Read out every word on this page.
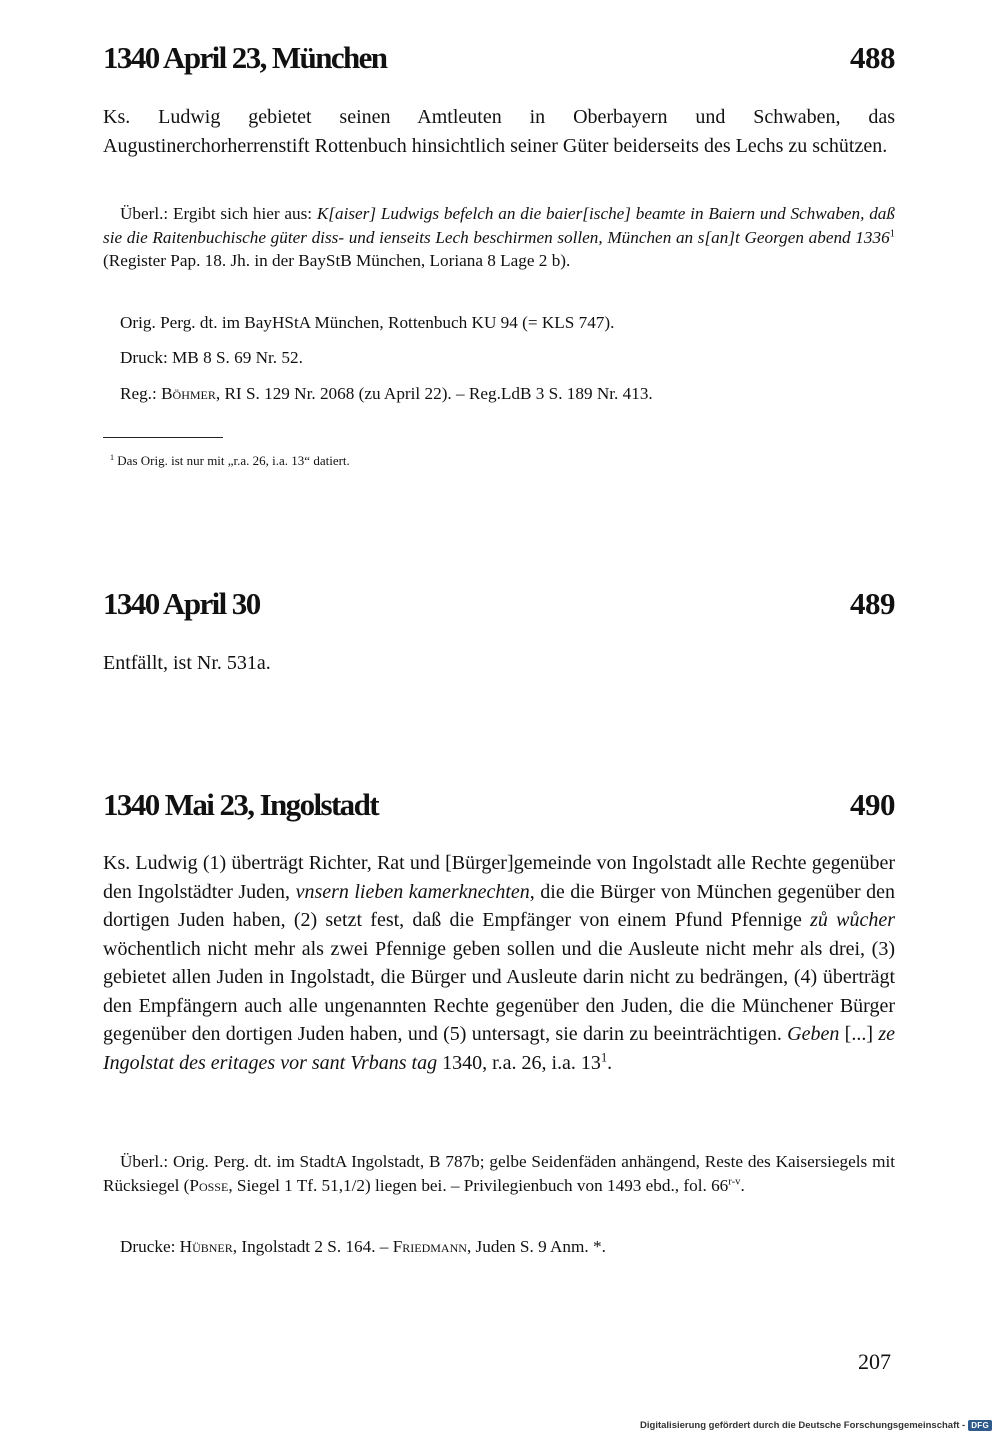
1340 April 23, München	488

Ks. Ludwig gebietet seinen Amtleuten in Oberbayern und Schwaben, das Augustinerchorherrenstift Rottenbuch hinsichtlich seiner Güter beiderseits des Lechs zu schützen.

Überl.: Ergibt sich hier aus: K[aiser] Ludwigs befelch an die baier[ische] beamte in Baiern und Schwaben, daß sie die Raitenbuchische güter diss- und ienseits Lech beschirmen sollen, München an s[an]t Georgen abend 1336$^1$ (Register Pap. 18. Jh. in der BayStB München, Loriana 8 Lage 2 b).

Orig. Perg. dt. im BayHStA München, Rottenbuch KU 94 (= KLS 747).

Druck: MB 8 S. 69 Nr. 52.

Reg.: Böhmer, RI S. 129 Nr. 2068 (zu April 22). – Reg.LdB 3 S. 189 Nr. 413.

$^1$ Das Orig. ist nur mit „r.a. 26, i.a. 13“ datiert.
1340 April 30	489

Entfällt, ist Nr. 531a.

1340 Mai 23, Ingolstadt	490

Ks. Ludwig (1) überträgt Richter, Rat und [Bürger]gemeinde von Ingolstadt alle Rechte gegenüber den Ingolstädter Juden, vnsern lieben kamerknechten, die die Bürger von München gegenüber den dortigen Juden haben, (2) setzt fest, daß die Empfänger von einem Pfund Pfennige zů wůcher wöchentlich nicht mehr als zwei Pfennige geben sollen und die Ausleute nicht mehr als drei, (3) gebietet allen Juden in Ingolstadt, die Bürger und Ausleute darin nicht zu bedrängen, (4) überträgt den Empfängern auch alle ungenannten Rechte gegenüber den Juden, die die Münchener Bürger gegenüber den dortigen Juden haben, und (5) untersagt, sie darin zu beeinträchtigen. Geben [...] ze Ingolstat des eritages vor sant Vrbans tag 1340, r.a. 26, i.a. $13^1$.

Überl.: Orig. Perg. dt. im StadtA Ingolstadt, B 787b; gelbe Seidenfäden anhängend, Reste des Kaisersiegels mit Rücksiegel (Posse, Siegel 1 Tf. 51,1/2) liegen bei. – Privilegienbuch von 1493 ebd., fol. 66$^{r-v}$.

Drucke: Hübner, Ingolstadt 2 S. 164. – Friedmann, Juden S. 9 Anm. *.

207
Digitalisierung gefördert durch die Deutsche Forschungsgemeinschaft - DFG
